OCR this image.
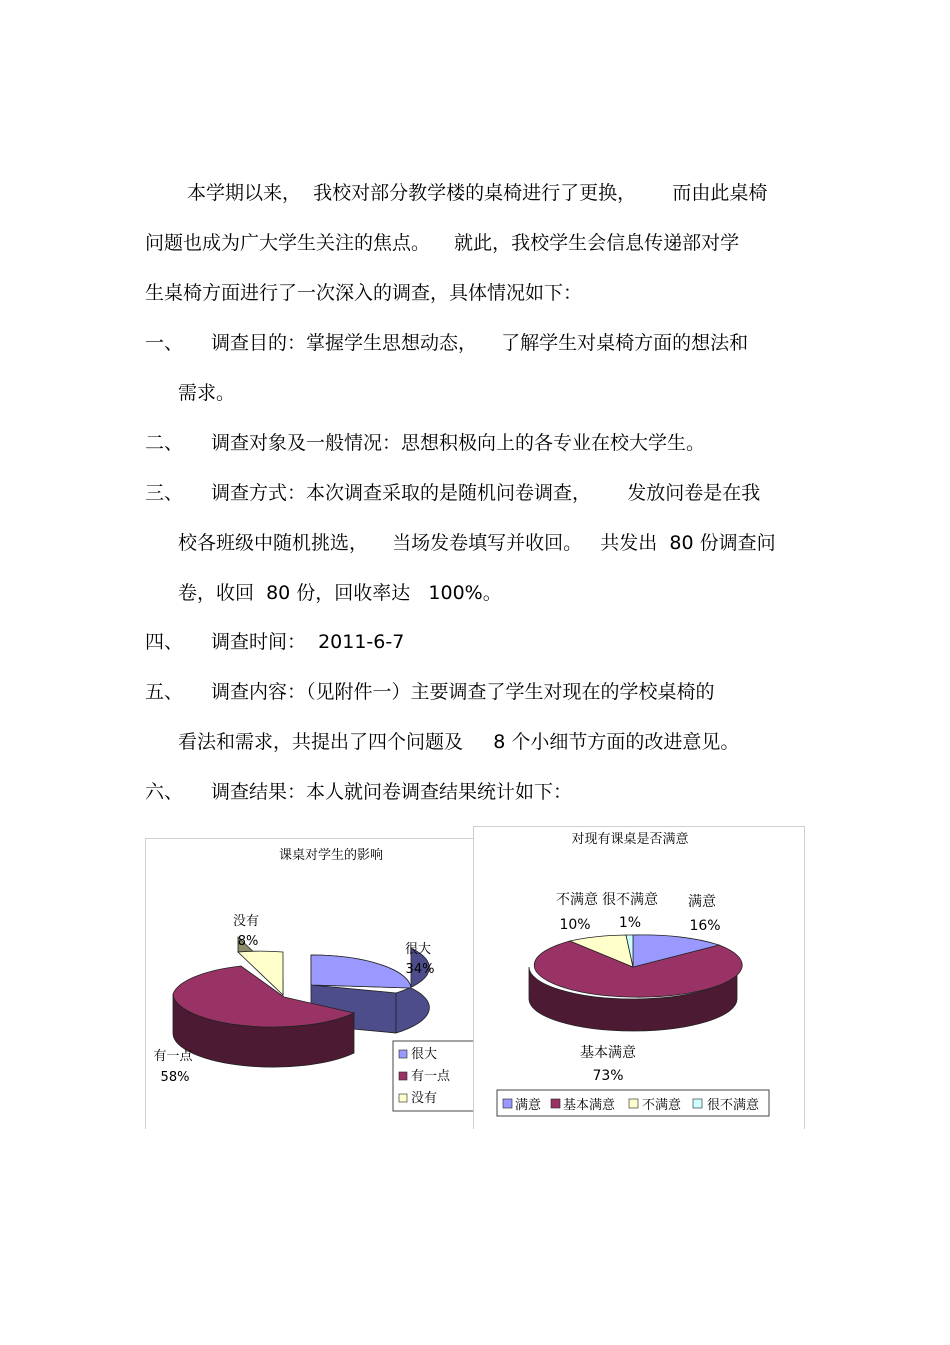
本学期以来，  我校对部分教学楼的桌椅进行了更换，      而由此桌椅
问题也成为广大学生关注的焦点。    就此，我校学生会信息传递部对学
生桌椅方面进行了一次深入的调查，具体情况如下：
一、 调查目的：掌握学生思想动态，    了解学生对桌椅方面的想法和
需求。
二、 调查对象及一般情况：思想积极向上的各专业在校大学生。
三、 调查方式：本次调查采取的是随机问卷调查，      发放问卷是在我
校各班级中随机挑选，    当场发卷填写并收回。   共发出  80 份调查问
卷，收回  80 份，回收率达   100%。
四、 调查时间：  2011-6-7
五、 调查内容：（见附件一）主要调查了学生对现在的学校桌椅的
看法和需求，共提出了四个问题及     8 个小细节方面的改进意见。
六、 调查结果：本人就问卷调查结果统计如下：
课桌对学生的影响
很大
34%
有一点
58%
没有
8%
很大
有一点
没有
对现有课桌是否满意
满意
16%
基本满意
73%
不满意
10%
很不满意
1%
满意 基本满意 不满意 很不满意
